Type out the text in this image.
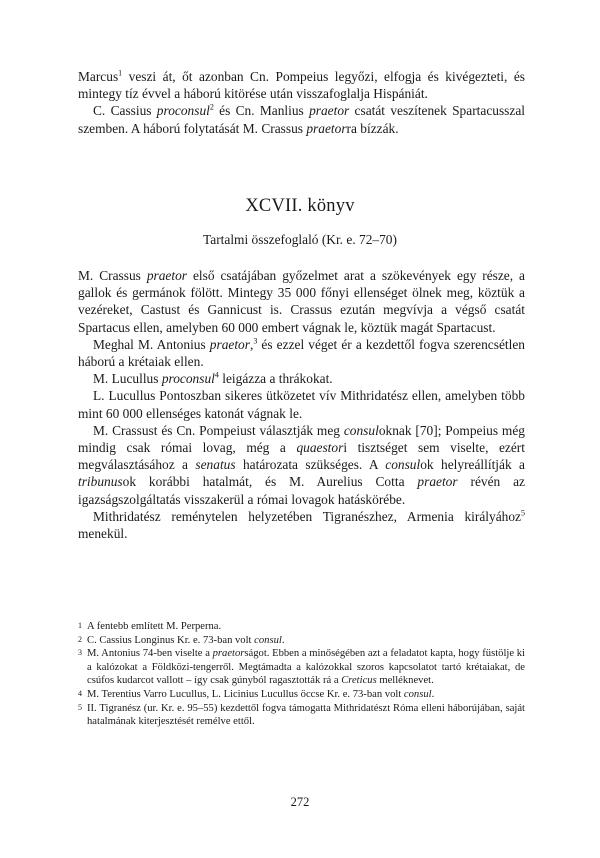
Marcus$^1$ veszi át, őt azonban Cn. Pompeius legyőzi, elfogja és kivégezteti, és mintegy tíz évvel a háború kitörése után visszafoglalja Hispániát.

C. Cassius proconsul$^2$ és Cn. Manlius praetor csatát veszítenek Spartacusszal szemben. A háború folytatását M. Crassus praetorra bízzák.

XCVII. könyv
Tartalmi összefoglaló (Kr. e. 72–70)

M. Crassus praetor első csatájában győzelmet arat a szökevények egy része, a gallok és germánok fölött. Mintegy 35 000 főnyi ellenséget ölnek meg, köztük a vezéreket, Castust és Gannicust is. Crassus ezután megvívja a végső csatát Spartacus ellen, amelyben 60 000 embert vágnak le, köztük magát Spartacust.

Meghal M. Antonius praetor,$^3$ és ezzel véget ér a kezdettől fogva szerencsétlen háború a krétaiak ellen.

M. Lucullus proconsul$^4$ leigázza a thrákokat.

L. Lucullus Pontoszban sikeres ütközetet vív Mithridatész ellen, amelyben több mint 60 000 ellenséges katonát vágnak le.

M. Crassust és Cn. Pompeiust választják meg consuloknak [70]; Pompeius még mindig csak római lovag, még a quaestori tisztséget sem viselte, ezért megválasztásához a senatus határozata szükséges. A consulok helyreállítják a tribunusok korábbi hatalmát, és M. Aurelius Cotta praetor révén az igazságszolgáltatás visszakerül a római lovagok hatáskörébe.

Mithridatész reménytelen helyzetében Tigranészhez, Armenia királyához$^5$ menekül.

1 A fentebb említett M. Perperna.
2 C. Cassius Longinus Kr. e. 73-ban volt consul.
3 M. Antonius 74-ben viselte a praetorságot. Ebben a minőségében azt a feladatot kapta, hogy füstölje ki a kalózokat a Földközi-tengerről. Megtámadta a kalózokkal szoros kapcsolatot tartó krétaiakat, de csúfos kudarcot vallott – így csak gúnyból ragasztották rá a Creticus melléknevet.
4 M. Terentius Varro Lucullus, L. Licinius Lucullus öccse Kr. e. 73-ban volt consul.
5 II. Tigranész (ur. Kr. e. 95–55) kezdettől fogva támogatta Mithridatészt Róma elleni háborújában, saját hatalmának kiterjesztését remélve ettől.
272
